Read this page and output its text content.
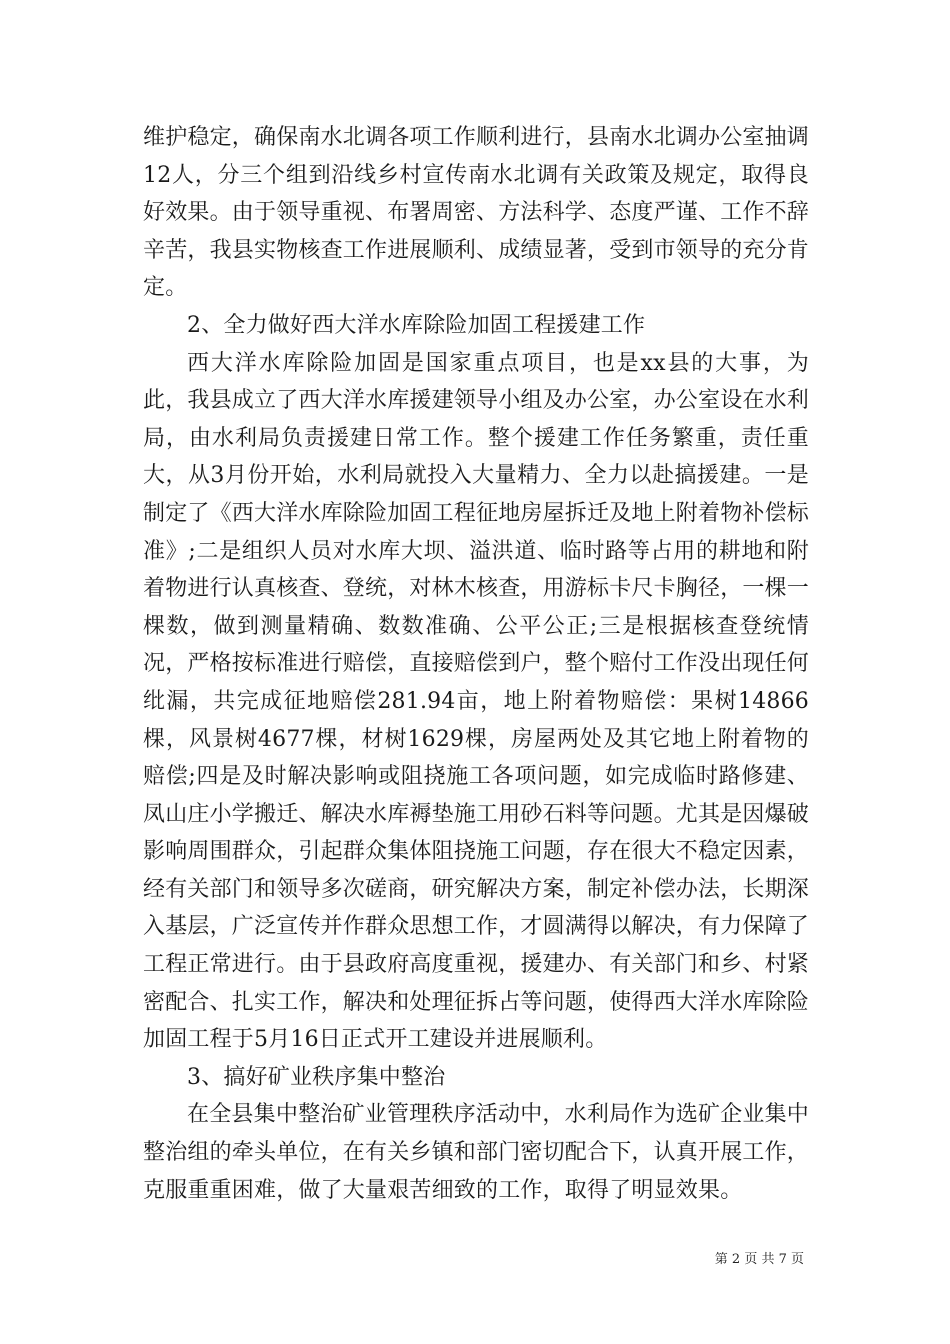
维护稳定，确保南水北调各项工作顺利进行，县南水北调办公室抽调12人，分三个组到沿线乡村宣传南水北调有关政策及规定，取得良好效果。由于领导重视、布署周密、方法科学、态度严谨、工作不辞辛苦，我县实物核查工作进展顺利、成绩显著，受到市领导的充分肯定。

2、全力做好西大洋水库除险加固工程援建工作

西大洋水库除险加固是国家重点项目，也是xx县的大事，为此，我县成立了西大洋水库援建领导小组及办公室，办公室设在水利局，由水利局负责援建日常工作。整个援建工作任务繁重，责任重大，从3月份开始，水利局就投入大量精力、全力以赴搞援建。一是制定了《西大洋水库除险加固工程征地房屋拆迁及地上附着物补偿标准》;二是组织人员对水库大坝、溢洪道、临时路等占用的耕地和附着物进行认真核查、登统，对林木核查，用游标卡尺卡胸径，一棵一棵数，做到测量精确、数数准确、公平公正;三是根据核查登统情况，严格按标准进行赔偿，直接赔偿到户，整个赔付工作没出现任何纰漏，共完成征地赔偿281.94亩，地上附着物赔偿：果树14866棵，风景树4677棵，材树1629棵，房屋两处及其它地上附着物的赔偿;四是及时解决影响或阻挠施工各项问题，如完成临时路修建、凤山庄小学搬迁、解决水库褥垫施工用砂石料等问题。尤其是因爆破影响周围群众，引起群众集体阻挠施工问题，存在很大不稳定因素，经有关部门和领导多次磋商，研究解决方案，制定补偿办法，长期深入基层，广泛宣传并作群众思想工作，才圆满得以解决，有力保障了工程正常进行。由于县政府高度重视，援建办、有关部门和乡、村紧密配合、扎实工作，解决和处理征拆占等问题，使得西大洋水库除险加固工程于5月16日正式开工建设并进展顺利。

3、搞好矿业秩序集中整治

在全县集中整治矿业管理秩序活动中，水利局作为选矿企业集中整治组的牵头单位，在有关乡镇和部门密切配合下，认真开展工作，克服重重困难，做了大量艰苦细致的工作，取得了明显效果。

第 2 页 共 7 页
